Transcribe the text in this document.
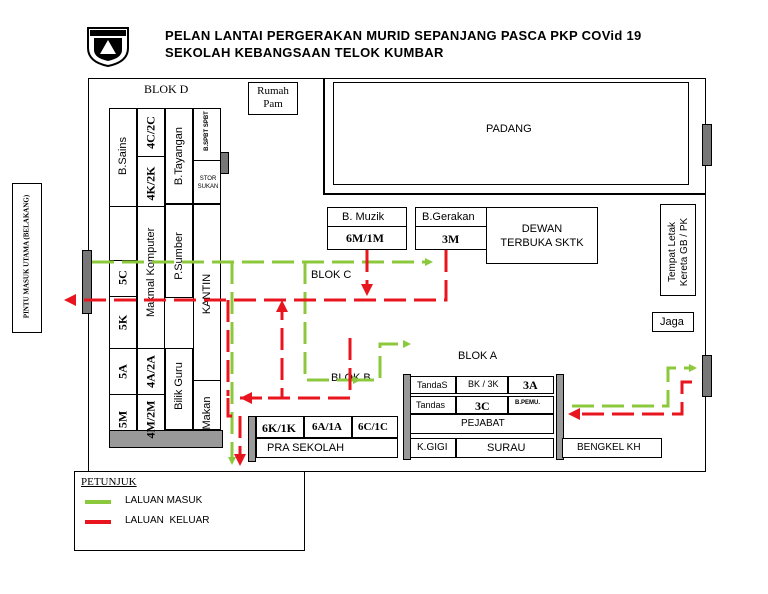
PELAN LANTAI PERGERAKAN MURID SEPANJANG PASCA PKP COVid 19
SEKOLAH KEBANGSAAN TELOK KUMBAR
BLOK D	Rumah Pam
PADANG
B.Sains
4C/2C B.Tayangan	B.SPBT SPBT
4K/2K	STOR SUKAN
Makmal Komputer P.Sumber
KANTIN
5C
5K
5A 4A/2A Bilik Guru
5M 4M/2M	Makan
PINTU MASUK UTAMA (BELAKANG)	B. Muzik
6M/1M
B.Gerakan
3M
DEWAN TERBUKA SKTK
BLOK C	Tempat Letak Kereta GB / PK
Jaga
BLOK A
TandaS BK / 3K 3A
Tandas 3C	B.PEMU.
PEJABAT
K.GIGI	SURAU	BENGKEL KH
BLOK B
6K/1K 6A/1A 6C/1C
PRA SEKOLAH
PETUNJUK
LALUAN MASUK
LALUAN  KELUAR
